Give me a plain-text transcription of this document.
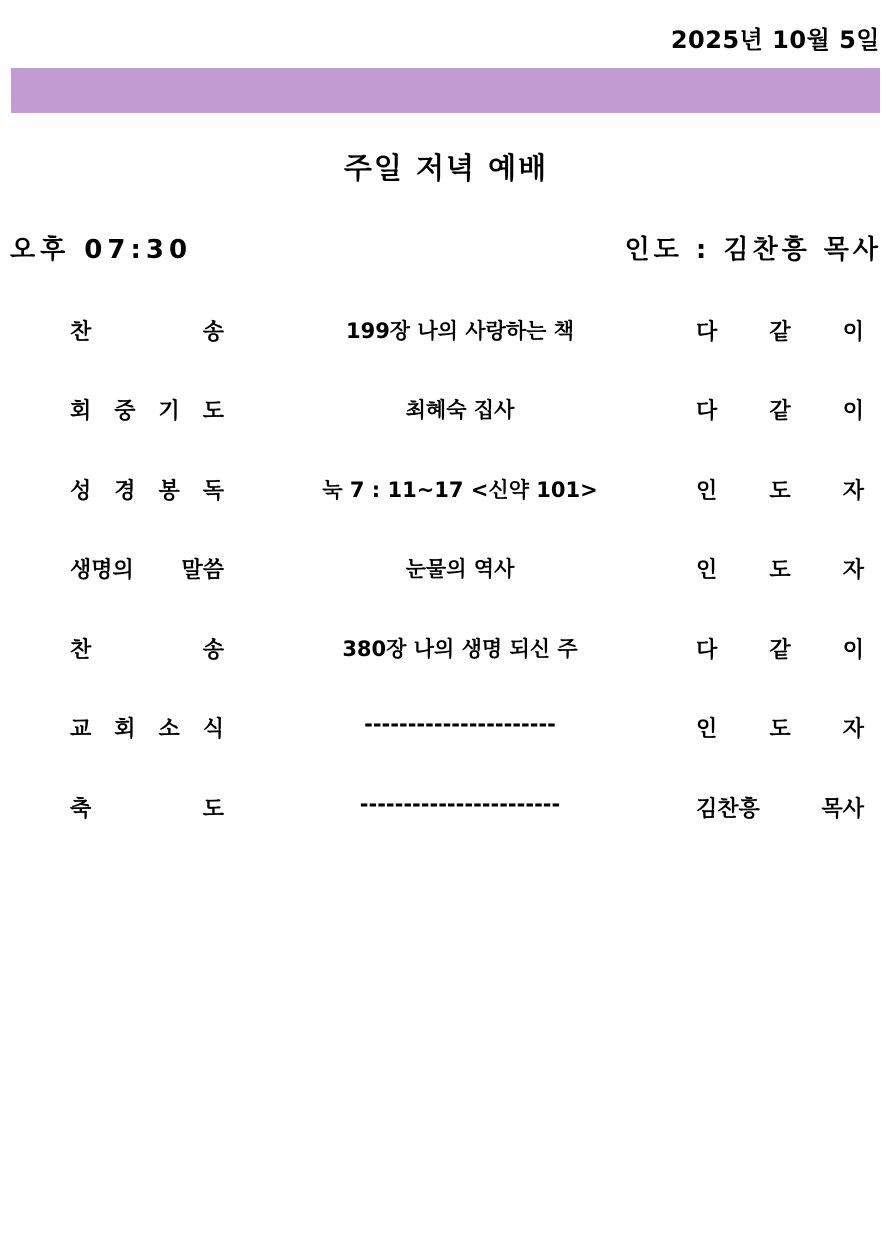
2025년 10월 5일
주일 저녁 예배
오후 07:30	인도 : 김찬흥 목사
찬 송	199장 나의 사랑하는 책	다 같 이
회 중 기 도	최혜숙 집사	다 같 이
성 경 봉 독	눅 7 : 11~17 <신약 101>	인 도 자
생명의 말씀	눈물의 역사	인 도 자
찬 송	380장 나의 생명 되신 주	다 같 이
교 회 소 식	----------------------	인 도 자
축 도	-----------------------	김찬흥 목사
